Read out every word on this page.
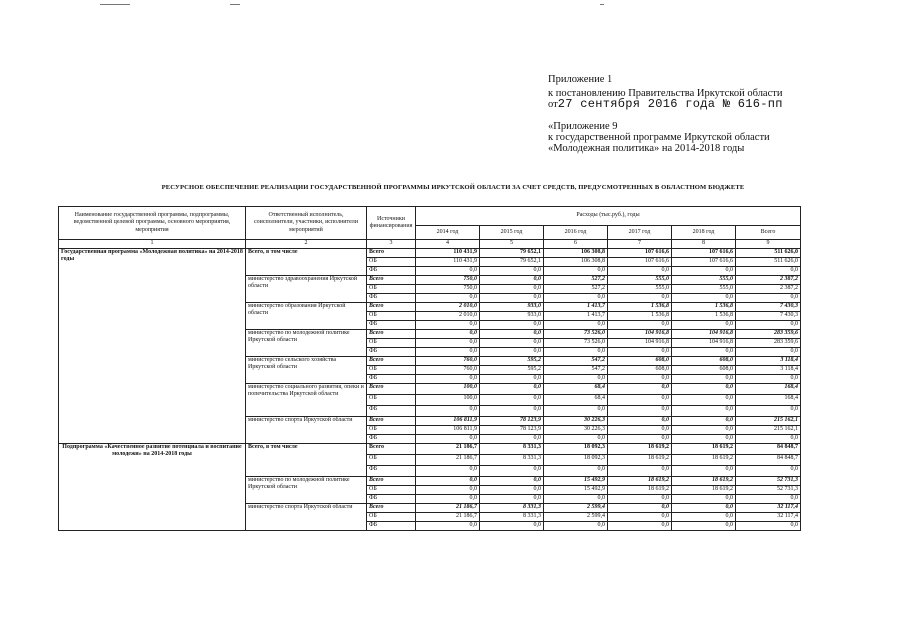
Приложение 1
к постановлению Правительства Иркутской области
от27 сентября 2016 года № 616-пп
«Приложение 9
к государственной программе Иркутской области
«Молодежная политика» на 2014-2018 годы
РЕСУРСНОЕ ОБЕСПЕЧЕНИЕ РЕАЛИЗАЦИИ ГОСУДАРСТВЕННОЙ ПРОГРАММЫ ИРКУТСКОЙ ОБЛАСТИ ЗА СЧЕТ СРЕДСТВ, ПРЕДУСМОТРЕННЫХ В ОБЛАСТНОМ БЮДЖЕТЕ
Наименование государственной программы, подпрограммы, ведомственной целевой программы, основного мероприятия, мероприятия	Ответственный исполнитель, соисполнители, участники, исполнители мероприятий	Источники финансирования	Расходы (тыс.руб.), годы					
			2014 год	2015 год	2016 год	2017 год	2018 год	Всего
1	2	3	4	5	6	7	8	9
Государственная программа «Молодежная политика» на 2014-2018 годы	Всего, в том числе	Всего	110 431,9	79 652,1	106 308,8	107 616,6	107 616,6	511 626,0
		ОБ	110 431,9	79 652,1	106 308,8	107 616,6	107 616,6	511 626,0
		ФБ	0,0	0,0	0,0	0,0	0,0	0,0
	министерство здравоохранения Иркутской области	Всего	750,0	0,0	527,2	555,0	555,0	2 387,2
		ОБ	750,0	0,0	527,2	555,0	555,0	2 387,2
		ФБ	0,0	0,0	0,0	0,0	0,0	0,0
	министерство образования Иркутской области	Всего	2 010,0	933,0	1 413,7	1 536,8	1 536,8	7 430,3
		ОБ	2 010,0	933,0	1 413,7	1 536,8	1 536,8	7 430,3
		ФБ	0,0	0,0	0,0	0,0	0,0	0,0
	министерство по молодежной политике Иркутской области	Всего	0,0	0,0	73 526,0	104 916,8	104 916,8	283 359,6
		ОБ	0,0	0,0	73 526,0	104 916,8	104 916,8	283 359,6
		ФБ	0,0	0,0	0,0	0,0	0,0	0,0
	министерство сельского хозяйства Иркутской области	Всего	760,0	595,2	547,2	608,0	608,0	3 118,4
		ОБ	760,0	595,2	547,2	608,0	608,0	3 118,4
		ФБ	0,0	0,0	0,0	0,0	0,0	0,0
	министерство социального развития, опеки и попечительства Иркутской области	Всего	100,0	0,0	68,4	0,0	0,0	168,4
		ОБ	100,0	0,0	68,4	0,0	0,0	168,4
		ФБ	0,0	0,0	0,0	0,0	0,0	0,0
	министерство спорта Иркутской области	Всего	106 811,9	78 123,9	30 226,3	0,0	0,0	215 162,1
		ОБ	106 811,9	78 123,9	30 226,3	0,0	0,0	215 162,1
		ФБ	0,0	0,0	0,0	0,0	0,0	0,0
Подпрограмма «Качественное развитие потенциала и воспитание молодежи» на 2014-2018 годы	Всего, в том числе	Всего	21 186,7	8 331,3	18 092,3	18 619,2	18 619,2	84 848,7
		ОБ	21 186,7	8 331,3	18 092,3	18 619,2	18 619,2	84 848,7
		ФБ	0,0	0,0	0,0	0,0	0,0	0,0
	министерство по молодежной политике Иркутской области	Всего	0,0	0,0	15 492,9	18 619,2	18 619,2	52 731,3
		ОБ	0,0	0,0	15 492,9	18 619,2	18 619,2	52 731,3
		ФБ	0,0	0,0	0,0	0,0	0,0	0,0
	министерство спорта Иркутской области	Всего	21 186,7	8 331,3	2 599,4	0,0	0,0	32 117,4
		ОБ	21 186,7	8 331,3	2 599,4	0,0	0,0	32 117,4
		ФБ	0,0	0,0	0,0	0,0	0,0	0,0
